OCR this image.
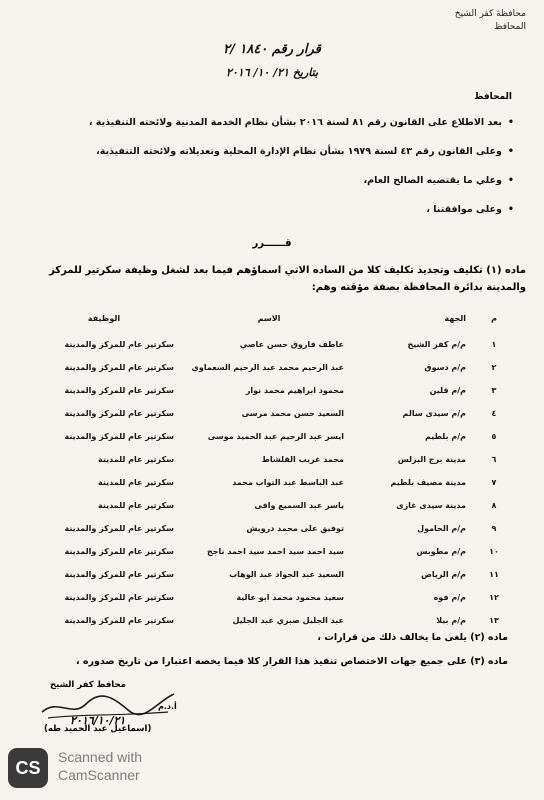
محافظة كفر الشيخ
المحافظ
قرار رقم ١٨٤٠ /٢
بتاريخ ٢١/ ١٠/ ٢٠١٦
المحافظ
•بعد الاطلاع على القانون رقم ٨١ لسنة ٢٠١٦ بشأن نظام الخدمة المدنية ولائحته التنفيذية ،
•وعلى القانون رقم ٤٣ لسنة ١٩٧٩ بشأن نظام الإدارة المحلية وتعديلاته ولائحته التنفيذية،
•وعلي ما يقتضيه الصالح العام،
•وعلى موافقتنا ،
قــــــرر
ماده (١) تكليف وتجديد تكليف كلا من الساده الاتي اسماؤهم فيما بعد لشغل وظيفة سكرتير للمركز والمدينة بدائرة المحافظة بصفة مؤقته وهم:
م
الجهة
الاسم
الوظيفة
١
م/م كفر الشيخ
عاطف فاروق حسن عاصي
سكرتير عام للمركز والمدينة
٢
م/م دسوق
عبد الرحيم محمد عبد الرحيم السعماوي
سكرتير عام للمركز والمدينة
٣
م/م قلين
محمود ابراهيم محمد نوار
سكرتير عام للمركز والمدينة
٤
م/م سيدى سالم
السعيد حسن محمد مرسى
سكرتير عام للمركز والمدينة
٥
م/م بلطيم
ايسر عبد الرحيم عبد الحميد موسى
سكرتير عام للمركز والمدينة
٦
مدينة برج البرلس
محمد غريب القلشاط
سكرتير عام للمدينة
٧
مدينة مصيف بلطيم
عبد الباسط عبد التواب محمد
سكرتير عام للمدينة
٨
مدينة سيدى غازى
ياسر عبد السميع وافى
سكرتير عام للمدينة
٩
م/م الحامول
توفيق على محمد درويش
سكرتير عام للمركز والمدينة
١٠
م/م مطوبس
سيد احمد سيد احمد سيد احمد ناجح
سكرتير عام للمركز والمدينة
١١
م/م الرياض
السعيد عبد الجواد عبد الوهاب
سكرتير عام للمركز والمدينة
١٢
م/م فوه
سعيد محمود محمد ابو عالية
سكرتير عام للمركز والمدينة
١٣
م/م بيلا
عبد الجليل صبري عبد الجليل
سكرتير عام للمركز والمدينة
ماده (٢) يلغى ما يخالف ذلك من قرارات ،
ماده (٣) على جميع جهات الاختصاص تنفيذ هذا القرار كلا فيما يخصه اعتبارا من تاريخ صدوره ،
محافظ كفر الشيخ
أ.د.م
٢٠١٦/١٠/٢١
(اسماعيل عبد الحميد طه)
CS
Scanned with
CamScanner
